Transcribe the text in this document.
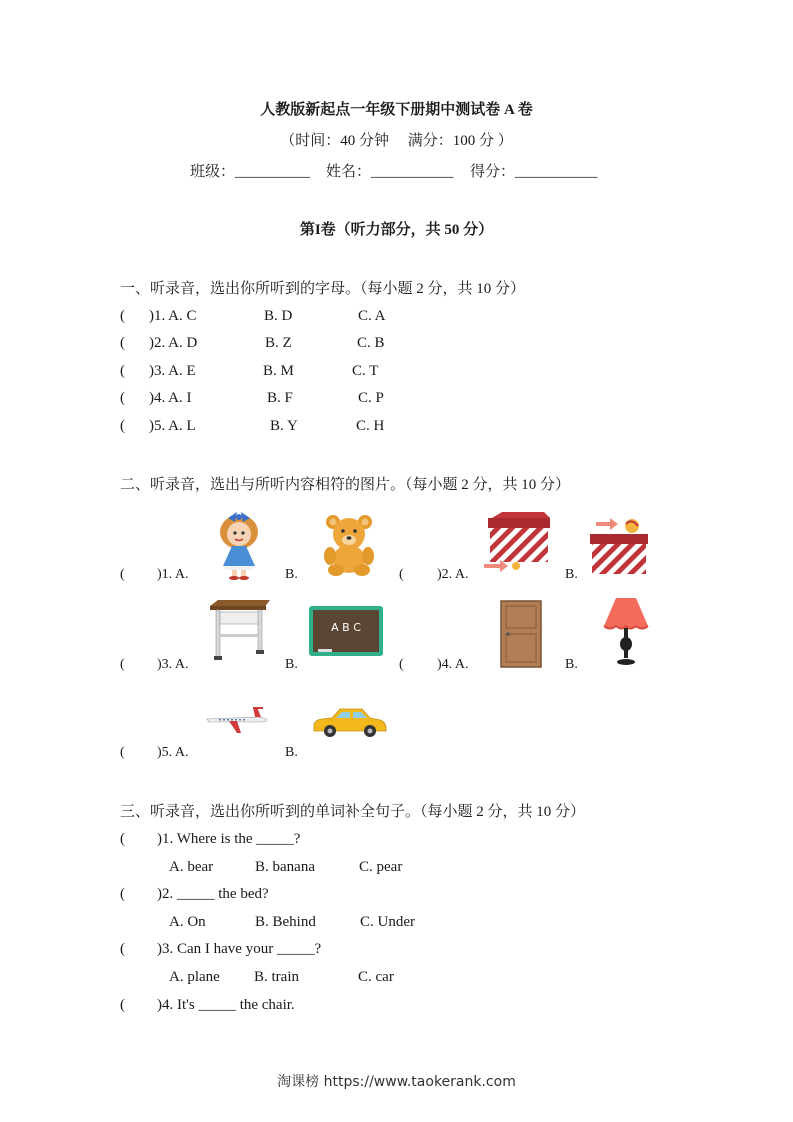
人教版新起点一年级下册期中测试卷 A 卷
（时间：40 分钟　 满分：100 分 ）
班级：__________ 姓名：___________ 得分：___________
第I卷（听力部分，共 50 分）
一、听录音，选出你所听到的字母。（每小题 2 分，共 10 分）
( )1. A. C	B. D	C. A
( )2. A. D	B. Z	C. B
( )3. A. E	B. M	C. T
( )4. A. I	B. F	C. P
( )5. A. L	B. Y	C. H
二、听录音，选出与所听内容相符的图片。（每小题 2 分，共 10 分）
( )1. A.	B.	( )2. A.	B.
( )3. A.	B.	( )4. A.	B.
A B C
( )5. A.	B.
三、听录音，选出你所听到的单词补全句子。（每小题 2 分，共 10 分）
( )1. Where is the _____?
A. bear	B. banana	C. pear
( )2. _____ the bed?
A. On	B. Behind	C. Under
( )3. Can I have your _____?
A. plane B. train	C. car
( )4. It's _____ the chair.
淘课榜 https://www.taokerank.com
